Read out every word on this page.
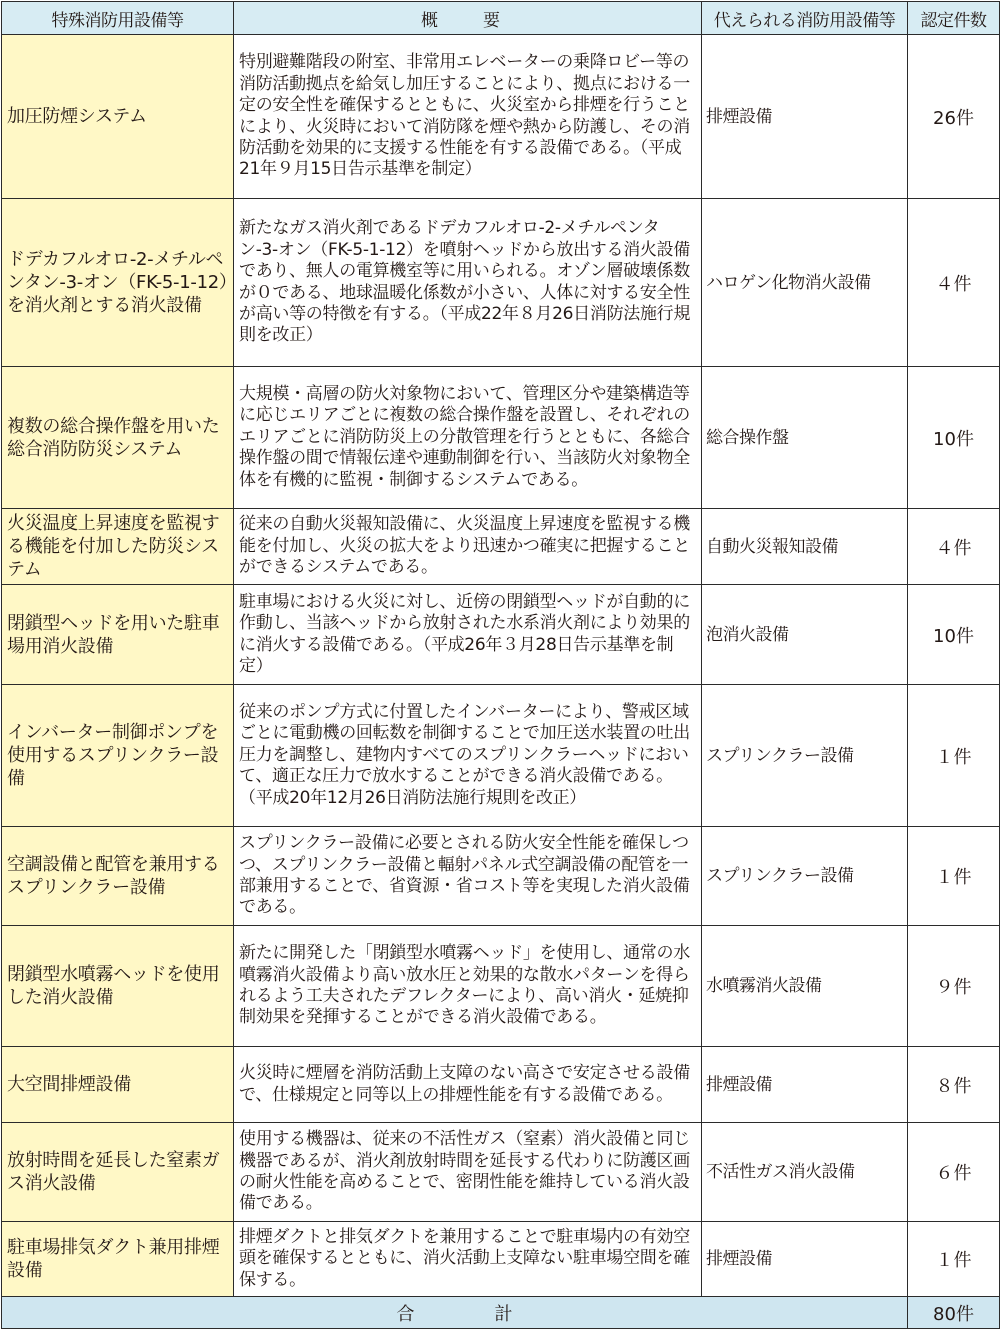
特殊消防用設備等	概　要	代えられる消防用設備等	認定件数
加圧防煙システム	特別避難階段の附室、非常用エレベーターの乗降ロビー等の消防活動拠点を給気し加圧することにより、拠点における一定の安全性を確保するとともに、火災室から排煙を行うことにより、火災時において消防隊を煙や熱から防護し、その消防活動を効果的に支援する性能を有する設備である。（平成21年９月15日告示基準を制定）	排煙設備	26件
ドデカフルオロ-2-メチルペンタン-3-オン（FK-5-1-12）を消火剤とする消火設備	新たなガス消火剤であるドデカフルオロ-2-メチルペンタン-3-オン（FK-5-1-12）を噴射ヘッドから放出する消火設備であり、無人の電算機室等に用いられる。オゾン層破壊係数が０である、地球温暖化係数が小さい、人体に対する安全性が高い等の特徴を有する。（平成22年８月26日消防法施行規則を改正）	ハロゲン化物消火設備	４件
複数の総合操作盤を用いた総合消防防災システム	大規模・高層の防火対象物において、管理区分や建築構造等に応じエリアごとに複数の総合操作盤を設置し、それぞれのエリアごとに消防防災上の分散管理を行うとともに、各総合操作盤の間で情報伝達や連動制御を行い、当該防火対象物全体を有機的に監視・制御するシステムである。	総合操作盤	10件
火災温度上昇速度を監視する機能を付加した防災システム	従来の自動火災報知設備に、火災温度上昇速度を監視する機能を付加し、火災の拡大をより迅速かつ確実に把握することができるシステムである。	自動火災報知設備	４件
閉鎖型ヘッドを用いた駐車場用消火設備	駐車場における火災に対し、近傍の閉鎖型ヘッドが自動的に作動し、当該ヘッドから放射された水系消火剤により効果的に消火する設備である。（平成26年３月28日告示基準を制定）	泡消火設備	10件
インバーター制御ポンプを使用するスプリンクラー設備	従来のポンプ方式に付置したインバーターにより、警戒区域ごとに電動機の回転数を制御することで加圧送水装置の吐出圧力を調整し、建物内すべてのスプリンクラーヘッドにおいて、適正な圧力で放水することができる消火設備である。（平成20年12月26日消防法施行規則を改正）	スプリンクラー設備	１件
空調設備と配管を兼用するスプリンクラー設備	スプリンクラー設備に必要とされる防火安全性能を確保しつつ、スプリンクラー設備と輻射パネル式空調設備の配管を一部兼用することで、省資源・省コスト等を実現した消火設備である。	スプリンクラー設備	１件
閉鎖型水噴霧ヘッドを使用した消火設備	新たに開発した「閉鎖型水噴霧ヘッド」を使用し、通常の水噴霧消火設備より高い放水圧と効果的な散水パターンを得られるよう工夫されたデフレクターにより、高い消火・延焼抑制効果を発揮することができる消火設備である。	水噴霧消火設備	９件
大空間排煙設備	火災時に煙層を消防活動上支障のない高さで安定させる設備で、仕様規定と同等以上の排煙性能を有する設備である。	排煙設備	８件
放射時間を延長した窒素ガス消火設備	使用する機器は、従来の不活性ガス（窒素）消火設備と同じ機器であるが、消火剤放射時間を延長する代わりに防護区画の耐火性能を高めることで、密閉性能を維持している消火設備である。	不活性ガス消火設備	６件
駐車場排気ダクト兼用排煙設備	排煙ダクトと排気ダクトを兼用することで駐車場内の有効空頭を確保するとともに、消火活動上支障ない駐車場空間を確保する。	排煙設備	１件
合計			80件
